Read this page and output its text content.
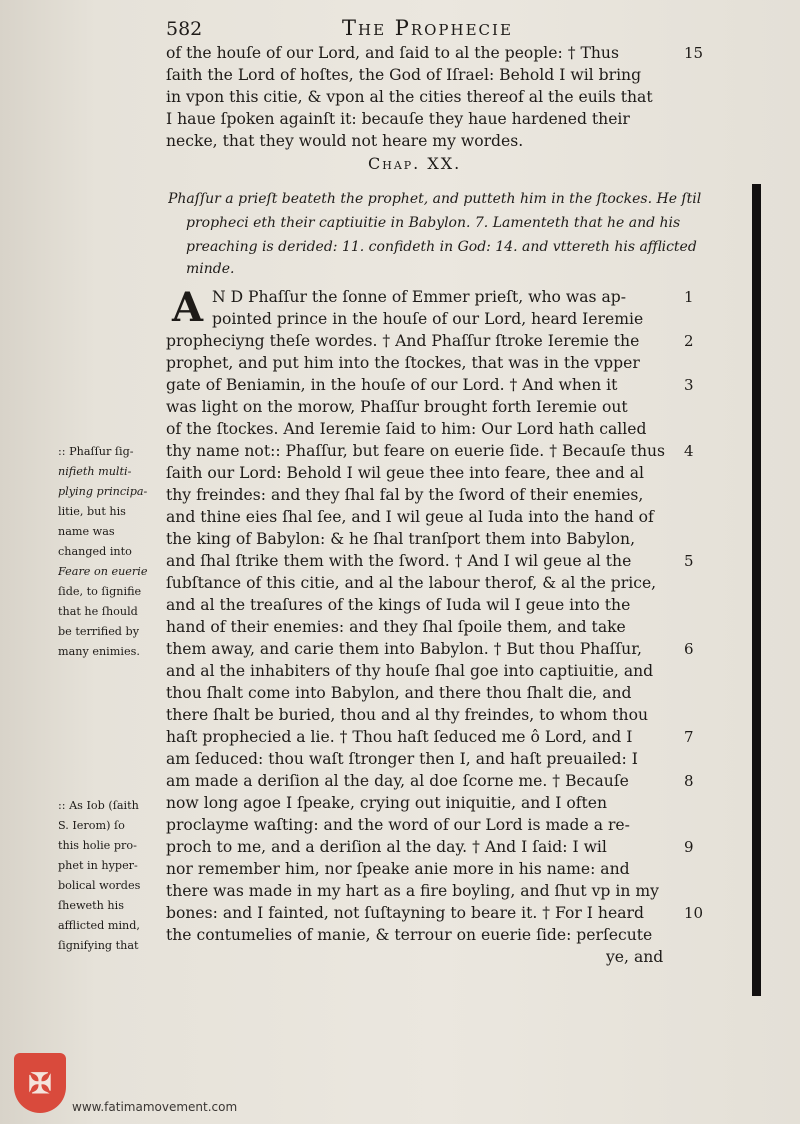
582	The Prophecie
of the houſe of our Lord, and ſaid to al the people: † Thus
ſaith the Lord of hoſtes, the God of Iſrael: Behold I wil bring
in vpon this citie, & vpon al the cities thereof al the euils that
I haue ſpoken againſt it: becauſe they haue hardened their
necke, that they would not heare my wordes.
Chap. XX.
Phaſſur a prieſt beateth the prophet, and putteth him in the ſtockes. He ſtil
propheci eth their captiuitie in Babylon. 7. Lamenteth that he and his
preaching is derided: 11. confideth in God: 14. and vttereth his afflicted
minde.
A N D Phaſſur the ſonne of Emmer prieſt, who was ap-
pointed prince in the houſe of our Lord, heard Ieremie
propheciyng theſe wordes. † And Phaſſur ſtroke Ieremie the
prophet, and put him into the ſtockes, that was in the vpper
gate of Beniamin, in the houſe of our Lord. † And when it
was light on the morow, Phaſſur brought forth Ieremie out
of the ſtockes. And Ieremie ſaid to him: Our Lord hath called
thy name not:: Phaſſur, but feare on euerie ſide. † Becauſe thus
ſaith our Lord: Behold I wil geue thee into feare, thee and al
thy freindes: and they ſhal fal by the ſword of their enemies,
and thine eies ſhal ſee, and I wil geue al Iuda into the hand of
the king of Babylon: & he ſhal tranſport them into Babylon,
and ſhal ſtrike them with the ſword. † And I wil geue al the
ſubſtance of this citie, and al the labour therof, & al the price,
and al the treaſures of the kings of Iuda wil I geue into the
hand of their enemies: and they ſhal ſpoile them, and take
them away, and carie them into Babylon. † But thou Phaſſur,
and al the inhabiters of thy houſe ſhal goe into captiuitie, and
thou ſhalt come into Babylon, and there thou ſhalt die, and
there ſhalt be buried, thou and al thy freindes, to whom thou
haſt prophecied a lie. † Thou haſt ſeduced me ô Lord, and I
am ſeduced: thou waſt ſtronger then I, and haſt preuailed: I
am made a deriſion al the day, al doe ſcorne me. † Becauſe
now long agoe I ſpeake, crying out iniquitie, and I often
proclayme waſting: and the word of our Lord is made a re-
proch to me, and a deriſion al the day. † And I ſaid: I wil
nor remember him, nor ſpeake anie more in his name: and
there was made in my hart as a fire boyling, and ſhut vp in my
bones: and I fainted, not ſuſtayning to beare it. † For I heard
the contumelies of manie, & terrour on euerie ſide: perſecute
ye, and
15
1
2
3
4
5
6
7
8
9
10
:: Phaſſur ſig-
nifieth multi-
plying principa-
litie, but his
name was
changed into
Feare on euerie
ſide, to ſignifie
that he ſhould
be terrified by
many enimies.
:: As Iob (ſaith
S. Ierom) ſo
this holie pro-
phet in hyper-
bolical wordes
ſheweth his
afflicted mind,
ſignifying that
✠
www.fatimamovement.com
